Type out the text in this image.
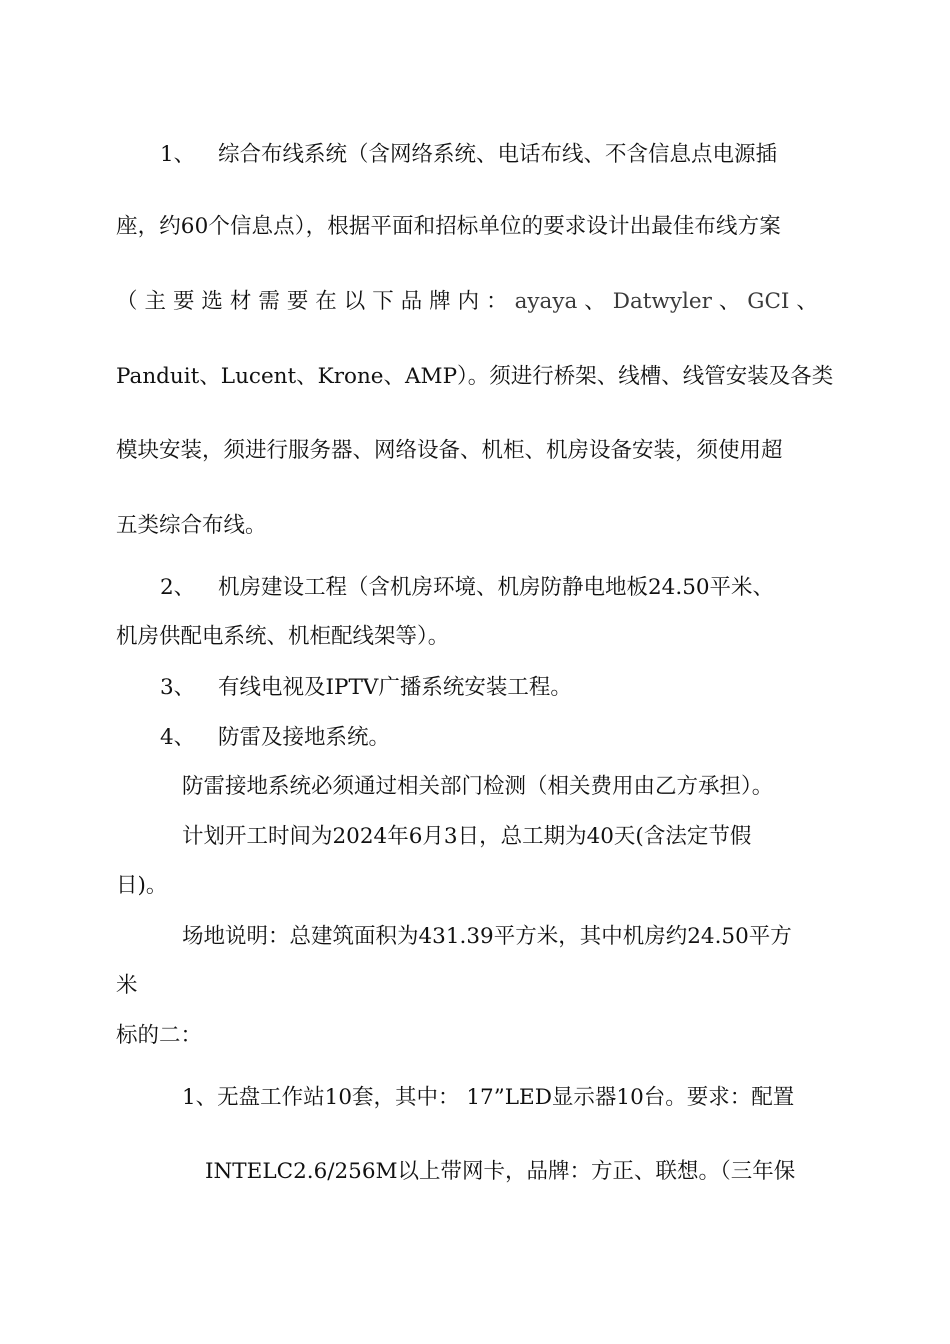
1、 综合布线系统（含网络系统、电话布线、不含信息点电源插

座，约60个信息点），根据平面和招标单位的要求设计出最佳布线方案

（ 主 要 选 材 需 要 在 以 下 品 牌 内 ： ayaya 、 Datwyler 、 GCI 、

Panduit、Lucent、Krone、AMP）。须进行桥架、线槽、线管安装及各类

模块安装，须进行服务器、网络设备、机柜、机房设备安装，须使用超

五类综合布线。

2、 机房建设工程（含机房环境、机房防静电地板24.50平米、

机房供配电系统、机柜配线架等）。

3、 有线电视及IPTV广播系统安装工程。

4、 防雷及接地系统。

防雷接地系统必须通过相关部门检测（相关费用由乙方承担）。

计划开工时间为2024年6月3日，总工期为40天(含法定节假

日)。

场地说明：总建筑面积为431.39平方米，其中机房约24.50平方

米

标的二：

1、无盘工作站10套，其中： 17”LED显示器10台。要求：配置

INTELC2.6/256M以上带网卡，品牌：方正、联想。（三年保
